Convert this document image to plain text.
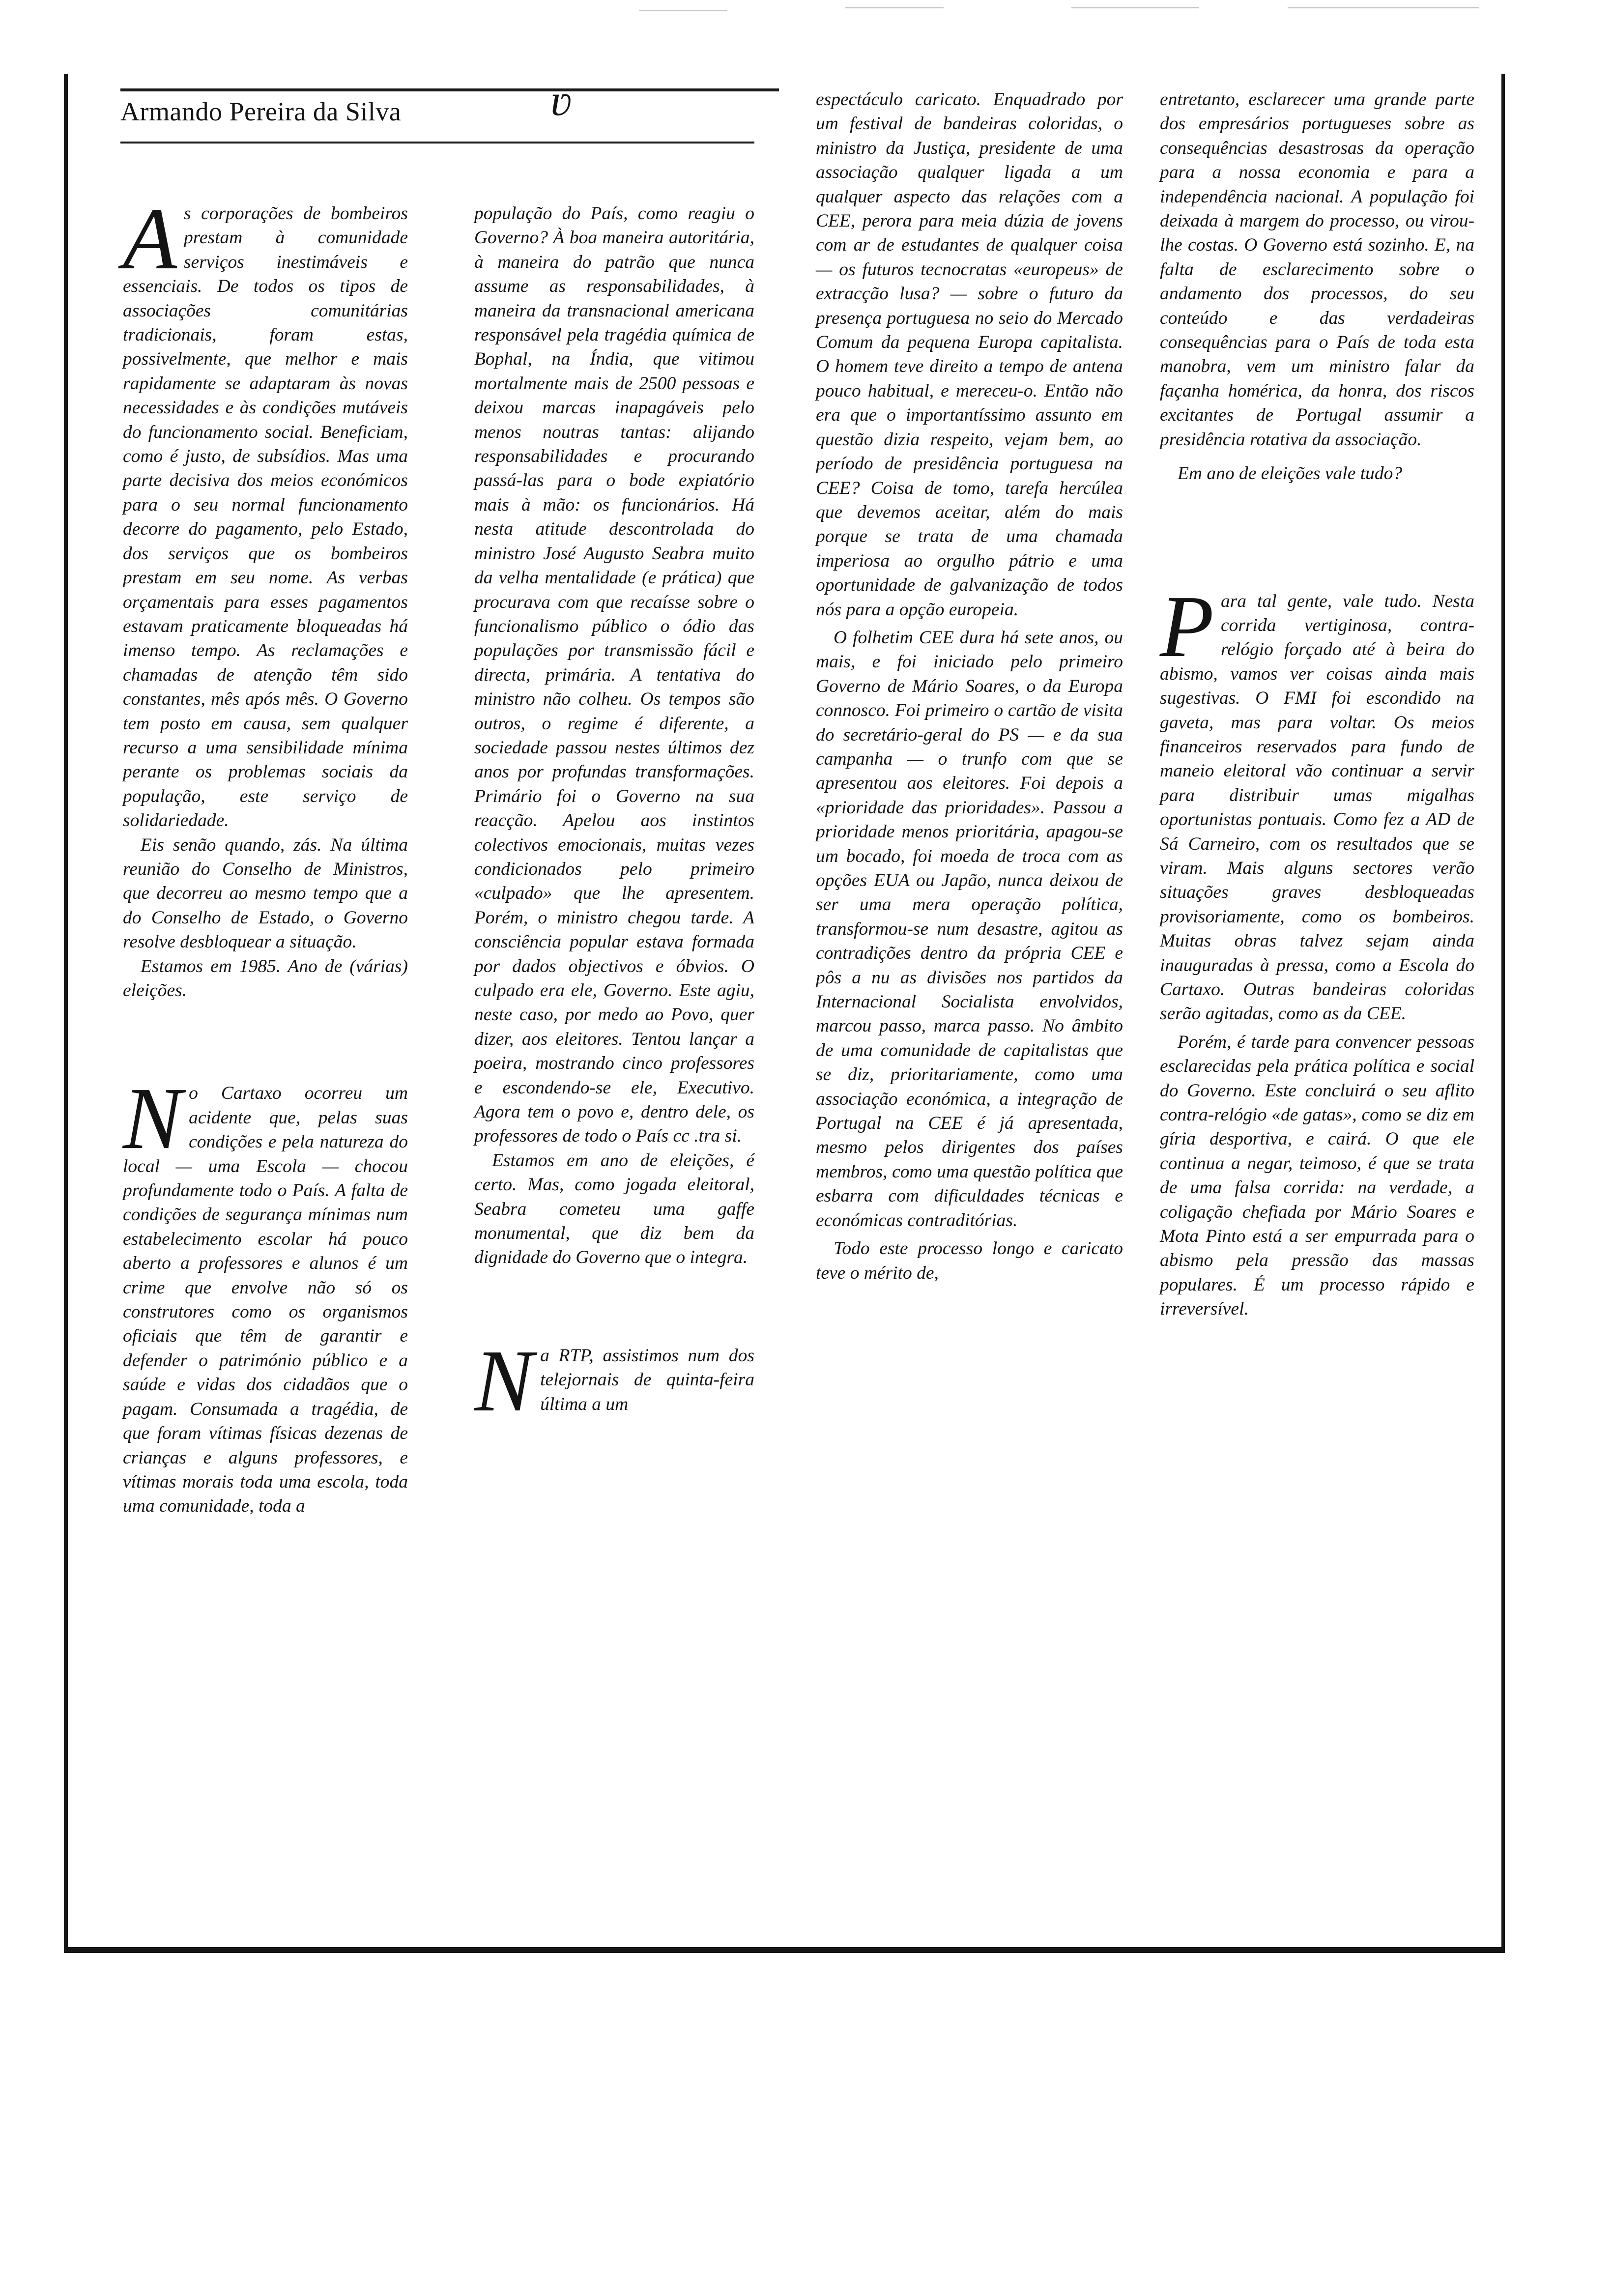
ʋ
Armando Pereira da Silva

As corporações de bombeiros prestam à comunidade serviços inestimáveis e essenciais. De todos os tipos de associações comunitárias tradicionais, foram estas, possivelmente, que melhor e mais rapidamente se adaptaram às novas necessidades e às condições mutáveis do funcionamento social. Beneficiam, como é justo, de subsídios. Mas uma parte decisiva dos meios económicos para o seu normal funcionamento decorre do pagamento, pelo Estado, dos serviços que os bombeiros prestam em seu nome. As verbas orçamentais para esses pagamentos estavam praticamente bloqueadas há imenso tempo. As reclamações e chamadas de atenção têm sido constantes, mês após mês. O Governo tem posto em causa, sem qualquer recurso a uma sensibilidade mínima perante os problemas sociais da população, este serviço de solidariedade.

Eis senão quando, zás. Na última reunião do Conselho de Ministros, que decorreu ao mesmo tempo que a do Conselho de Estado, o Governo resolve desbloquear a situação.

Estamos em 1985. Ano de (várias) eleições.

No Cartaxo ocorreu um acidente que, pelas suas condições e pela natureza do local — uma Escola — chocou profundamente todo o País. A falta de condições de segurança mínimas num estabelecimento escolar há pouco aberto a professores e alunos é um crime que envolve não só os construtores como os organismos oficiais que têm de garantir e defender o património público e a saúde e vidas dos cidadãos que o pagam. Consumada a tragédia, de que foram vítimas físicas dezenas de crianças e alguns professores, e vítimas morais toda uma escola, toda uma comunidade, toda a

população do País, como reagiu o Governo? À boa maneira autoritária, à maneira do patrão que nunca assume as responsabilidades, à maneira da transnacional americana responsável pela tragédia química de Bophal, na Índia, que vitimou mortalmente mais de 2500 pessoas e deixou marcas inapagáveis pelo menos noutras tantas: alijando responsabilidades e procurando passá-las para o bode expiatório mais à mão: os funcionários. Há nesta atitude descontrolada do ministro José Augusto Seabra muito da velha mentalidade (e prática) que procurava com que recaísse sobre o funcionalismo público o ódio das populações por transmissão fácil e directa, primária. A tentativa do ministro não colheu. Os tempos são outros, o regime é diferente, a sociedade passou nestes últimos dez anos por profundas transformações. Primário foi o Governo na sua reacção. Apelou aos instintos colectivos emocionais, muitas vezes condicionados pelo primeiro «culpado» que lhe apresentem. Porém, o ministro chegou tarde. A consciência popular estava formada por dados objectivos e óbvios. O culpado era ele, Governo. Este agiu, neste caso, por medo ao Povo, quer dizer, aos eleitores. Tentou lançar a poeira, mostrando cinco professores e escondendo-se ele, Executivo. Agora tem o povo e, dentro dele, os professores de todo o País cc .tra si.

Estamos em ano de eleições, é certo. Mas, como jogada eleitoral, Seabra cometeu uma gaffe monumental, que diz bem da dignidade do Governo que o integra.

Na RTP, assistimos num dos telejornais de quinta-feira última a um

espectáculo caricato. Enquadrado por um festival de bandeiras coloridas, o ministro da Justiça, presidente de uma associação qualquer ligada a um qualquer aspecto das relações com a CEE, perora para meia dúzia de jovens com ar de estudantes de qualquer coisa — os futuros tecnocratas «europeus» de extracção lusa? — sobre o futuro da presença portuguesa no seio do Mercado Comum da pequena Europa capitalista. O homem teve direito a tempo de antena pouco habitual, e mereceu-o. Então não era que o importantíssimo assunto em questão dizia respeito, vejam bem, ao período de presidência portuguesa na CEE? Coisa de tomo, tarefa hercúlea que devemos aceitar, além do mais porque se trata de uma chamada imperiosa ao orgulho pátrio e uma oportunidade de galvanização de todos nós para a opção europeia.

O folhetim CEE dura há sete anos, ou mais, e foi iniciado pelo primeiro Governo de Mário Soares, o da Europa connosco. Foi primeiro o cartão de visita do secretário-geral do PS — e da sua campanha — o trunfo com que se apresentou aos eleitores. Foi depois a «prioridade das prioridades». Passou a prioridade menos prioritária, apagou-se um bocado, foi moeda de troca com as opções EUA ou Japão, nunca deixou de ser uma mera operação política, transformou-se num desastre, agitou as contradições dentro da própria CEE e pôs a nu as divisões nos partidos da Internacional Socialista envolvidos, marcou passo, marca passo. No âmbito de uma comunidade de capitalistas que se diz, prioritariamente, como uma associação económica, a integração de Portugal na CEE é já apresentada, mesmo pelos dirigentes dos países membros, como uma questão política que esbarra com dificuldades técnicas e económicas contraditórias.

Todo este processo longo e caricato teve o mérito de,

entretanto, esclarecer uma grande parte dos empresários portugueses sobre as consequências desastrosas da operação para a nossa economia e para a independência nacional. A população foi deixada à margem do processo, ou virou-lhe costas. O Governo está sozinho. E, na falta de esclarecimento sobre o andamento dos processos, do seu conteúdo e das verdadeiras consequências para o País de toda esta manobra, vem um ministro falar da façanha homérica, da honra, dos riscos excitantes de Portugal assumir a presidência rotativa da associação.

Em ano de eleições vale tudo?

Para tal gente, vale tudo. Nesta corrida vertiginosa, contra-relógio forçado até à beira do abismo, vamos ver coisas ainda mais sugestivas. O FMI foi escondido na gaveta, mas para voltar. Os meios financeiros reservados para fundo de maneio eleitoral vão continuar a servir para distribuir umas migalhas oportunistas pontuais. Como fez a AD de Sá Carneiro, com os resultados que se viram. Mais alguns sectores verão situações graves desbloqueadas provisoriamente, como os bombeiros. Muitas obras talvez sejam ainda inauguradas à pressa, como a Escola do Cartaxo. Outras bandeiras coloridas serão agitadas, como as da CEE.

Porém, é tarde para convencer pessoas esclarecidas pela prática política e social do Governo. Este concluirá o seu aflito contra-relógio «de gatas», como se diz em gíria desportiva, e cairá. O que ele continua a negar, teimoso, é que se trata de uma falsa corrida: na verdade, a coligação chefiada por Mário Soares e Mota Pinto está a ser empurrada para o abismo pela pressão das massas populares. É um processo rápido e irreversível.
